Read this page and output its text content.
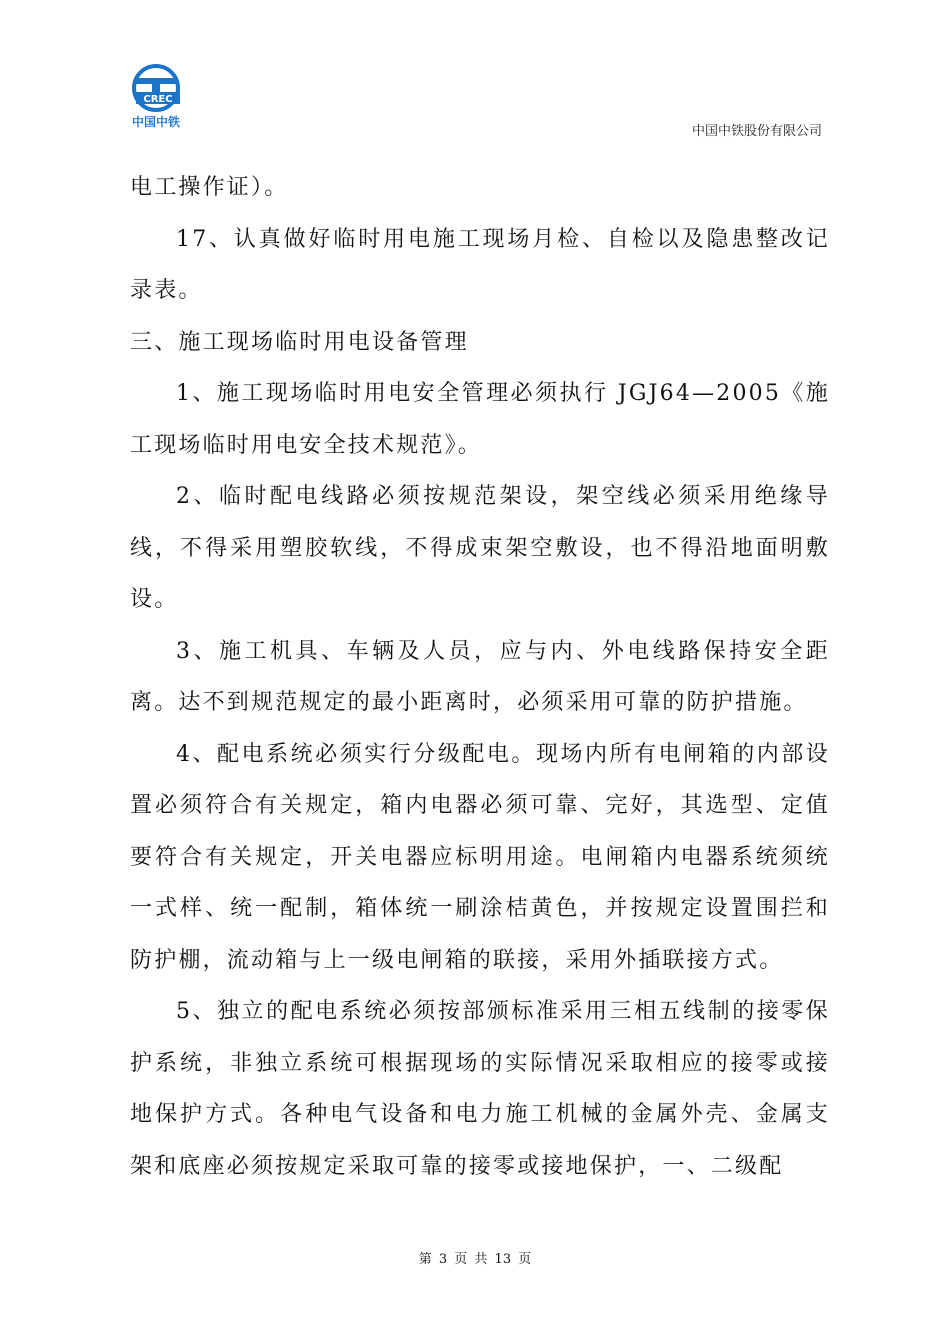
CREC
中国中铁
中国中铁股份有限公司

电工操作证）。

17、认真做好临时用电施工现场月检、自检以及隐患整改记录表。

三、施工现场临时用电设备管理

1、施工现场临时用电安全管理必须执行 JGJ64—2005《施工现场临时用电安全技术规范》。

2、临时配电线路必须按规范架设，架空线必须采用绝缘导线，不得采用塑胶软线，不得成束架空敷设，也不得沿地面明敷设。

3、施工机具、车辆及人员，应与内、外电线路保持安全距离。达不到规范规定的最小距离时，必须采用可靠的防护措施。

4、配电系统必须实行分级配电。现场内所有电闸箱的内部设置必须符合有关规定，箱内电器必须可靠、完好，其选型、定值要符合有关规定，开关电器应标明用途。电闸箱内电器系统须统一式样、统一配制，箱体统一刷涂桔黄色，并按规定设置围拦和防护棚，流动箱与上一级电闸箱的联接，采用外插联接方式。

5、独立的配电系统必须按部颁标准采用三相五线制的接零保护系统，非独立系统可根据现场的实际情况采取相应的接零或接地保护方式。各种电气设备和电力施工机械的金属外壳、金属支架和底座必须按规定采取可靠的接零或接地保护，一、二级配

第 3 页 共 13 页
